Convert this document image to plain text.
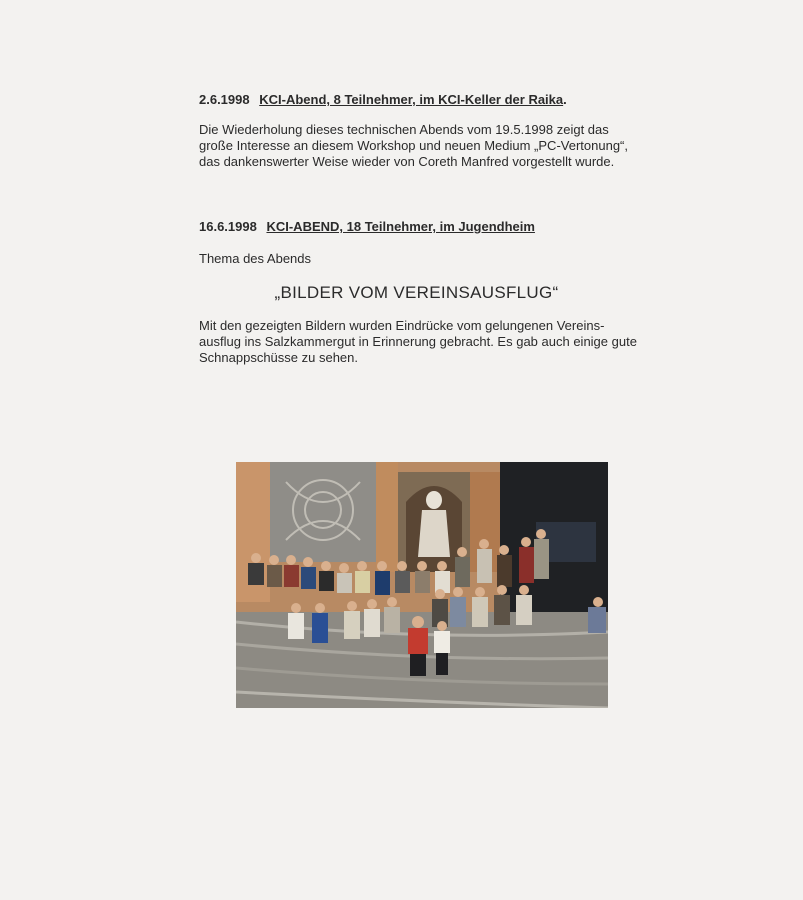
2.6.1998 KCI-Abend, 8 Teilnehmer, im KCI-Keller der Raika.

Die Wiederholung dieses technischen Abends vom 19.5.1998 zeigt das große Interesse an diesem Workshop und neuen Medium „PC-Vertonung“, das dankenswerter Weise wieder von Coreth Manfred vorgestellt wurde.

16.6.1998 KCI-ABEND, 18 Teilnehmer, im Jugendheim
Thema des Abends
„BILDER VOM VEREINSAUSFLUG“

Mit den gezeigten Bildern wurden Eindrücke vom gelungenen Vereins-ausflug ins Salzkammergut in Erinnerung gebracht. Es gab auch einige gute Schnappschüsse zu sehen.
